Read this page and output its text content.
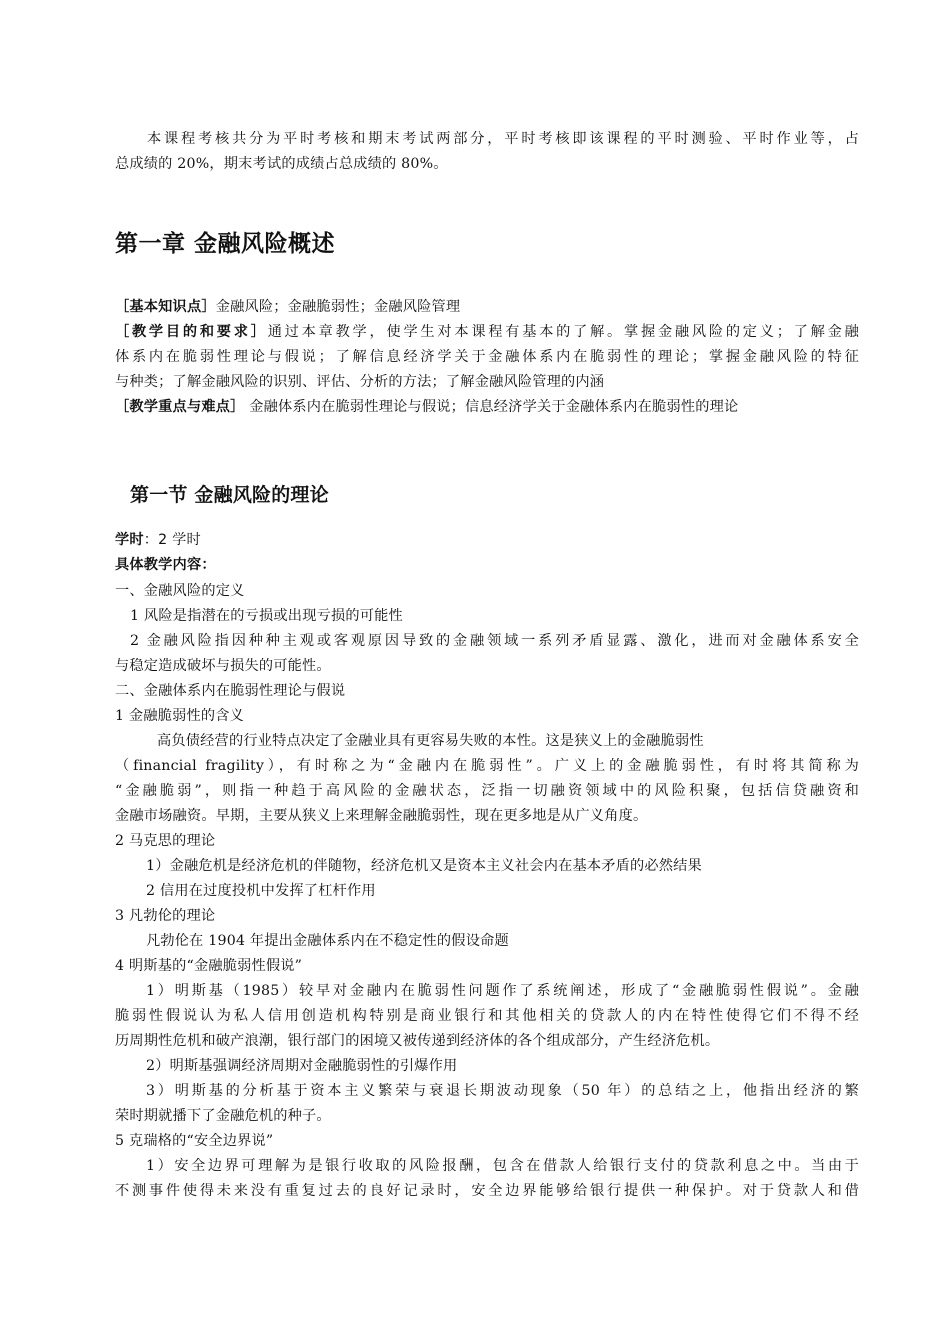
本课程考核共分为平时考核和期末考试两部分，平时考核即该课程的平时测验、平时作业等，占
总成绩的 20%，期末考试的成绩占总成绩的 80%。
第一章 金融风险概述
［基本知识点］金融风险；金融脆弱性；金融风险管理
［教学目的和要求］通过本章教学，使学生对本课程有基本的了解。掌握金融风险的定义；了解金融
体系内在脆弱性理论与假说；了解信息经济学关于金融体系内在脆弱性的理论；掌握金融风险的特征
与种类；了解金融风险的识别、评估、分析的方法；了解金融风险管理的内涵
［教学重点与难点］ 金融体系内在脆弱性理论与假说；信息经济学关于金融体系内在脆弱性的理论
第一节 金融风险的理论
学时：2 学时
具体教学内容：
一、金融风险的定义
1 风险是指潜在的亏损或出现亏损的可能性
2 金融风险指因种种主观或客观原因导致的金融领域一系列矛盾显露、激化，进而对金融体系安全
与稳定造成破坏与损失的可能性。
二、金融体系内在脆弱性理论与假说
1 金融脆弱性的含义
高负债经营的行业特点决定了金融业具有更容易失败的本性。这是狭义上的金融脆弱性
（financial fragility），有时称之为“金融内在脆弱性”。广义上的金融脆弱性，有时将其简称为
“金融脆弱”，则指一种趋于高风险的金融状态，泛指一切融资领域中的风险积聚，包括信贷融资和
金融市场融资。早期，主要从狭义上来理解金融脆弱性，现在更多地是从广义角度。
2 马克思的理论
1）金融危机是经济危机的伴随物，经济危机又是资本主义社会内在基本矛盾的必然结果
2 信用在过度投机中发挥了杠杆作用
3 凡勃伦的理论
凡勃伦在 1904 年提出金融体系内在不稳定性的假设命题
4 明斯基的“金融脆弱性假说”
1）明斯基（1985）较早对金融内在脆弱性问题作了系统阐述，形成了“金融脆弱性假说”。金融
脆弱性假说认为私人信用创造机构特别是商业银行和其他相关的贷款人的内在特性使得它们不得不经
历周期性危机和破产浪潮，银行部门的困境又被传递到经济体的各个组成部分，产生经济危机。
2）明斯基强调经济周期对金融脆弱性的引爆作用
3）明斯基的分析基于资本主义繁荣与衰退长期波动现象（50 年）的总结之上，他指出经济的繁
荣时期就播下了金融危机的种子。
5 克瑞格的“安全边界说”
1）安全边界可理解为是银行收取的风险报酬，包含在借款人给银行支付的贷款利息之中。当由于
不测事件使得未来没有重复过去的良好记录时，安全边界能够给银行提供一种保护。对于贷款人和借
